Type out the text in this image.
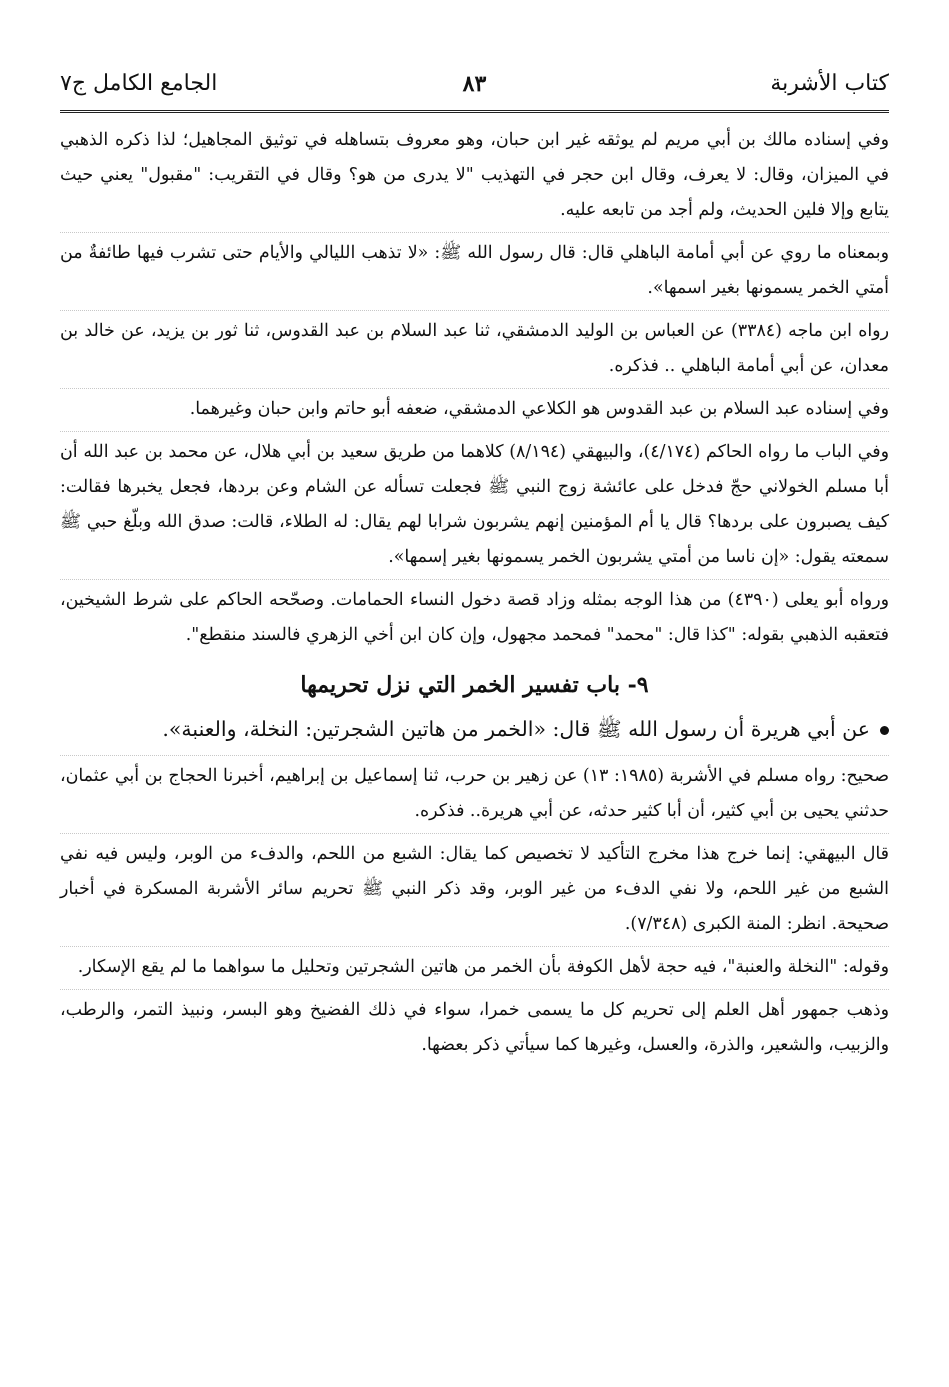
كتاب الأشربة
٨٣
الجامع الكامل ج٧

وفي إسناده مالك بن أبي مريم لم يوثقه غير ابن حبان، وهو معروف بتساهله في توثيق المجاهيل؛ لذا ذكره الذهبي في الميزان، وقال: لا يعرف، وقال ابن حجر في التهذيب "لا يدرى من هو؟ وقال في التقريب: "مقبول" يعني حيث يتابع وإلا فلين الحديث، ولم أجد من تابعه عليه.

وبمعناه ما روي عن أبي أمامة الباهلي قال: قال رسول الله ﷺ: «لا تذهب الليالي والأيام حتى تشرب فيها طائفةٌ من أمتي الخمر يسمونها بغير اسمها».

رواه ابن ماجه (٣٣٨٤) عن العباس بن الوليد الدمشقي، ثنا عبد السلام بن عبد القدوس، ثنا ثور بن يزيد، عن خالد بن معدان، عن أبي أمامة الباهلي .. فذكره.

وفي إسناده عبد السلام بن عبد القدوس هو الكلاعي الدمشقي، ضعفه أبو حاتم وابن حبان وغيرهما.

وفي الباب ما رواه الحاكم (٤/١٧٤)، والبيهقي (٨/١٩٤) كلاهما من طريق سعيد بن أبي هلال، عن محمد بن عبد الله أن أبا مسلم الخولاني حجّ فدخل على عائشة زوج النبي ﷺ فجعلت تسأله عن الشام وعن بردها، فجعل يخبرها فقالت: كيف يصبرون على بردها؟ قال يا أم المؤمنين إنهم يشربون شرابا لهم يقال: له الطلاء، قالت: صدق الله وبلّغ حبي ﷺ سمعته يقول: «إن ناسا من أمتي يشربون الخمر يسمونها بغير إسمها».

ورواه أبو يعلى (٤٣٩٠) من هذا الوجه بمثله وزاد قصة دخول النساء الحمامات. وصحّحه الحاكم على شرط الشيخين، فتعقبه الذهبي بقوله: "كذا قال: "محمد" فمحمد مجهول، وإن كان ابن أخي الزهري فالسند منقطع".

٩- باب تفسير الخمر التي نزل تحريمها

عن أبي هريرة أن رسول الله ﷺ قال: «الخمر من هاتين الشجرتين: النخلة، والعنبة».

صحيح: رواه مسلم في الأشربة (١٩٨٥: ١٣) عن زهير بن حرب، ثنا إسماعيل بن إبراهيم، أخبرنا الحجاج بن أبي عثمان، حدثني يحيى بن أبي كثير، أن أبا كثير حدثه، عن أبي هريرة.. فذكره.

قال البيهقي: إنما خرج هذا مخرج التأكيد لا تخصيص كما يقال: الشبع من اللحم، والدفء من الوبر، وليس فيه نفي الشبع من غير اللحم، ولا نفي الدفء من غير الوبر، وقد ذكر النبي ﷺ تحريم سائر الأشربة المسكرة في أخبار صحيحة. انظر: المنة الكبرى (٧/٣٤٨).

وقوله: "النخلة والعنبة"، فيه حجة لأهل الكوفة بأن الخمر من هاتين الشجرتين وتحليل ما سواهما ما لم يقع الإسكار.

وذهب جمهور أهل العلم إلى تحريم كل ما يسمى خمرا، سواء في ذلك الفضيخ وهو البسر، ونبيذ التمر، والرطب، والزبيب، والشعير، والذرة، والعسل، وغيرها كما سيأتي ذكر بعضها.
